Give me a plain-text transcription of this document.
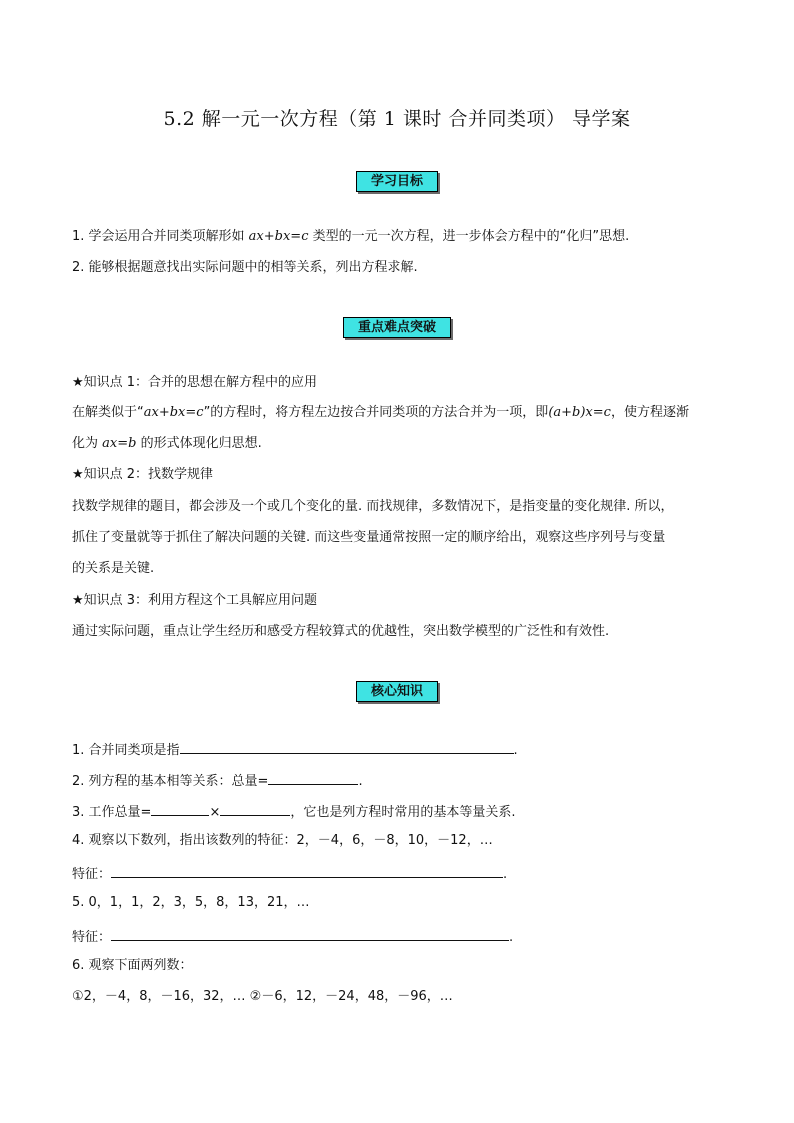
5.2 解一元一次方程（第 1 课时 合并同类项） 导学案
学习目标
1. 学会运用合并同类项解形如 ax+bx=c 类型的一元一次方程，进一步体会方程中的“化归”思想.
2. 能够根据题意找出实际问题中的相等关系，列出方程求解.
重点难点突破
★知识点 1：合并的思想在解方程中的应用
在解类似于“ax+bx=c”的方程时，将方程左边按合并同类项的方法合并为一项，即(a+b)x=c，使方程逐渐
化为 ax=b 的形式体现化归思想.
★知识点 2：找数学规律
找数学规律的题目，都会涉及一个或几个变化的量. 而找规律，多数情况下，是指变量的变化规律. 所以，
抓住了变量就等于抓住了解决问题的关键. 而这些变量通常按照一定的顺序给出，观察这些序列号与变量
的关系是关键.
★知识点 3：利用方程这个工具解应用问题
通过实际问题，重点让学生经历和感受方程较算式的优越性，突出数学模型的广泛性和有效性.
核心知识
1. 合并同类项是指	.
2. 列方程的基本相等关系：总量=	.
3. 工作总量=	×	，它也是列方程时常用的基本等量关系.
4. 观察以下数列，指出该数列的特征：2，－4，6，－8，10，－12，…
特征：	.
5. 0，1，1，2，3，5，8，13，21，…
特征：	.
6. 观察下面两列数：
①2，－4，8，－16，32，… ②－6，12，－24，48，－96，…
